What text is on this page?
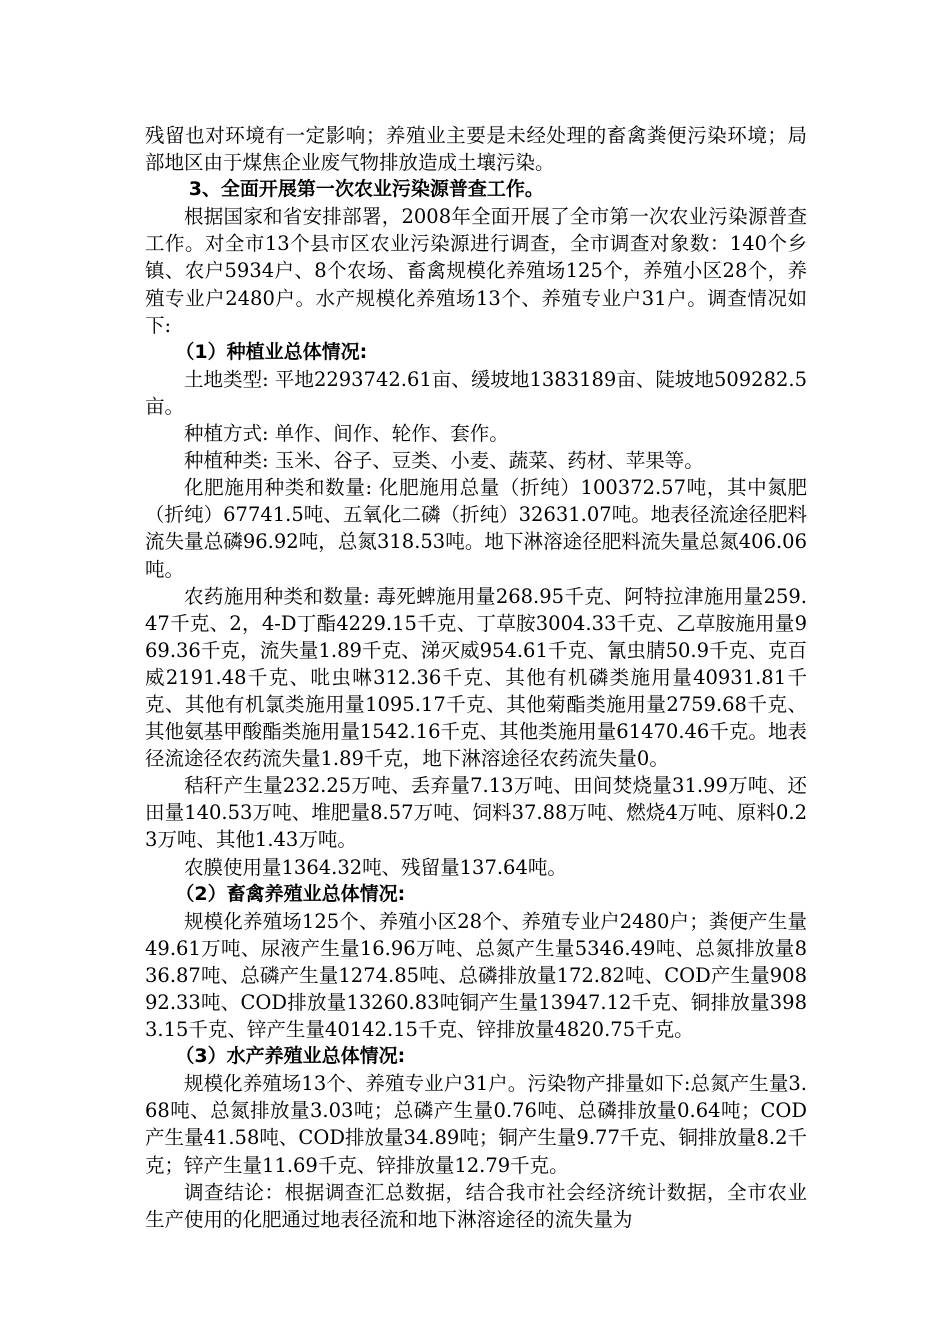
残留也对环境有一定影响；养殖业主要是未经处理的畜禽粪便污染环境；局部地区由于煤焦企业废气物排放造成土壤污染。

3、全面开展第一次农业污染源普查工作。

根据国家和省安排部署，2008年全面开展了全市第一次农业污染源普查工作。对全市13个县市区农业污染源进行调查，全市调查对象数：140个乡镇、农户5934户、8个农场、畜禽规模化养殖场125个，养殖小区28个，养殖专业户2480户。水产规模化养殖场13个、养殖专业户31户。调查情况如下:

（1）种植业总体情况:

土地类型: 平地2293742.61亩、缓坡地1383189亩、陡坡地509282.5亩。

种植方式: 单作、间作、轮作、套作。

种植种类: 玉米、谷子、豆类、小麦、蔬菜、药材、苹果等。

化肥施用种类和数量: 化肥施用总量（折纯）100372.57吨，其中氮肥（折纯）67741.5吨、五氧化二磷（折纯）32631.07吨。地表径流途径肥料流失量总磷96.92吨，总氮318.53吨。地下淋溶途径肥料流失量总氮406.06吨。

农药施用种类和数量: 毒死蜱施用量268.95千克、阿特拉津施用量259.47千克、2，4-D丁酯4229.15千克、丁草胺3004.33千克、乙草胺施用量969.36千克，流失量1.89千克、涕灭威954.61千克、氰虫腈50.9千克、克百威2191.48千克、吡虫啉312.36千克、其他有机磷类施用量40931.81千克、其他有机氯类施用量1095.17千克、其他菊酯类施用量2759.68千克、其他氨基甲酸酯类施用量1542.16千克、其他类施用量61470.46千克。地表径流途径农药流失量1.89千克，地下淋溶途径农药流失量0。

秸秆产生量232.25万吨、丢弃量7.13万吨、田间焚烧量31.99万吨、还田量140.53万吨、堆肥量8.57万吨、饲料37.88万吨、燃烧4万吨、原料0.23万吨、其他1.43万吨。

农膜使用量1364.32吨、残留量137.64吨。

（2）畜禽养殖业总体情况:

规模化养殖场125个、养殖小区28个、养殖专业户2480户；粪便产生量49.61万吨、尿液产生量16.96万吨、总氮产生量5346.49吨、总氮排放量836.87吨、总磷产生量1274.85吨、总磷排放量172.82吨、COD产生量90892.33吨、COD排放量13260.83吨铜产生量13947.12千克、铜排放量3983.15千克、锌产生量40142.15千克、锌排放量4820.75千克。

（3）水产养殖业总体情况:

规模化养殖场13个、养殖专业户31户。污染物产排量如下:总氮产生量3.68吨、总氮排放量3.03吨；总磷产生量0.76吨、总磷排放量0.64吨；COD产生量41.58吨、COD排放量34.89吨；铜产生量9.77千克、铜排放量8.2千克；锌产生量11.69千克、锌排放量12.79千克。

调查结论：根据调查汇总数据，结合我市社会经济统计数据，全市农业生产使用的化肥通过地表径流和地下淋溶途径的流失量为
